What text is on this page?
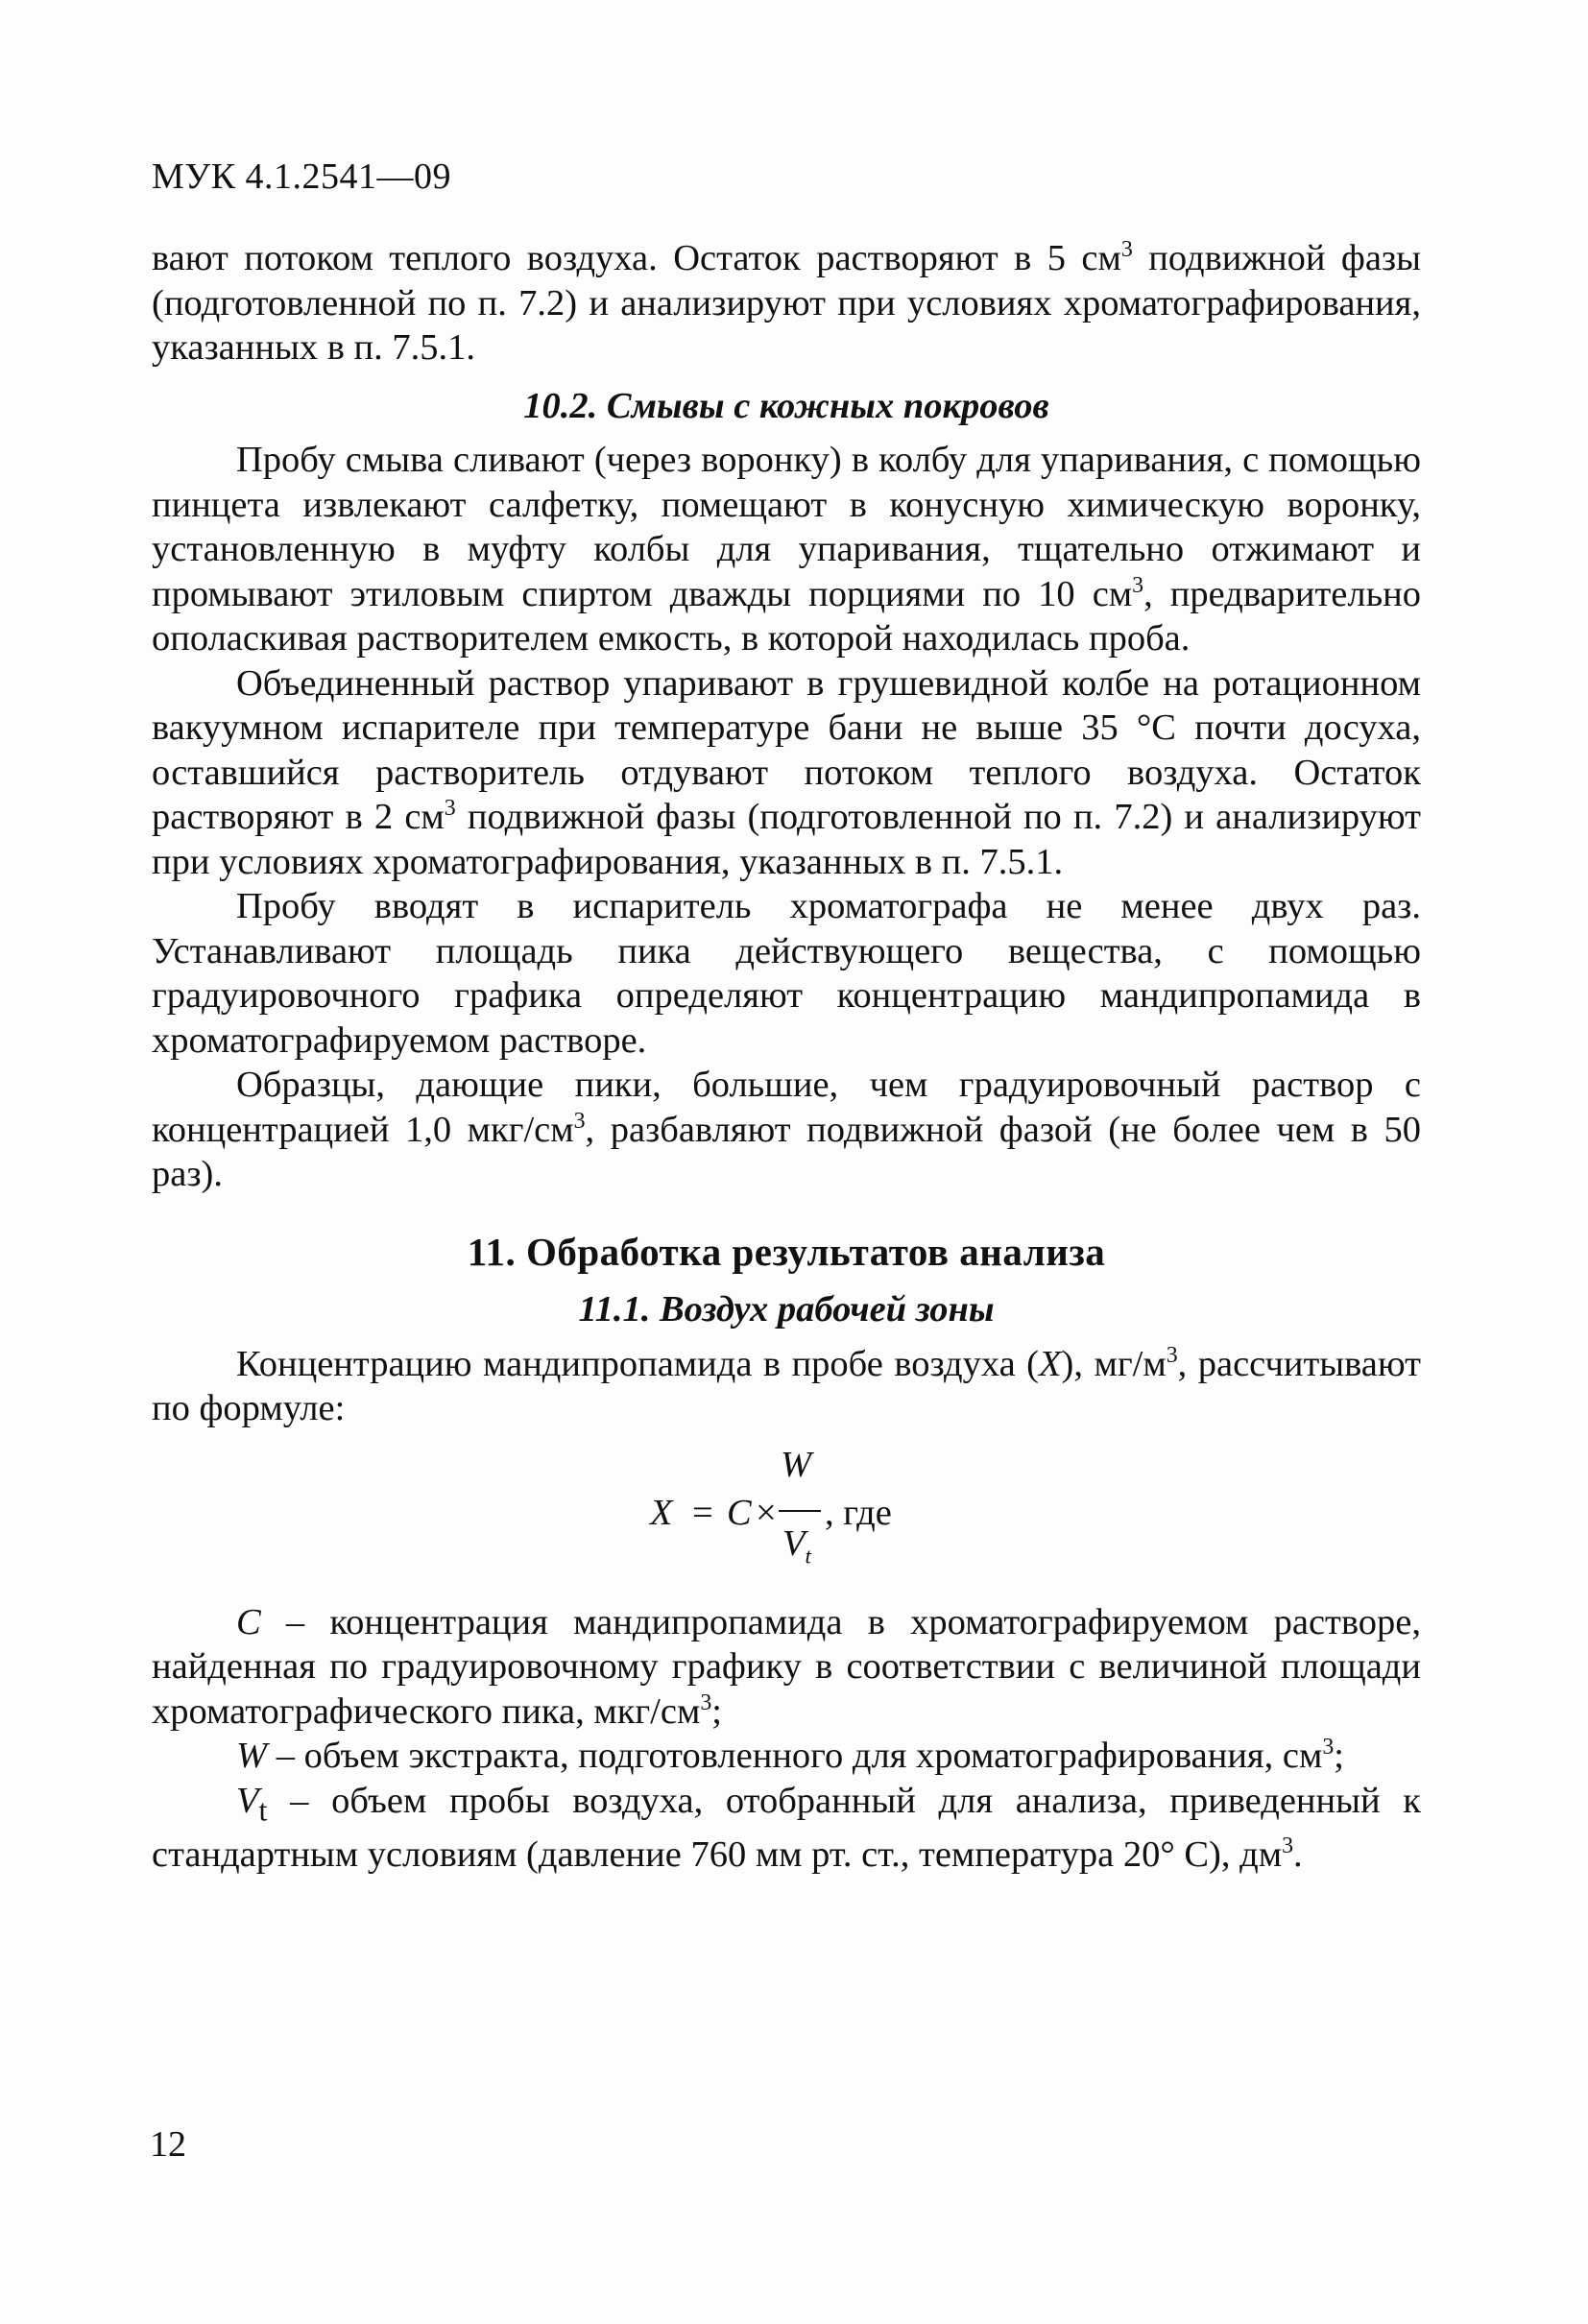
МУК 4.1.2541—09

вают потоком теплого воздуха. Остаток растворяют в 5 $см^3$ подвижной фазы (подготовленной по п. 7.2) и анализируют при условиях хроматографирования, указанных в п. 7.5.1.

10.2. Смывы с кожных покровов

Пробу смыва сливают (через воронку) в колбу для упаривания, с помощью пинцета извлекают салфетку, помещают в конусную химическую воронку, установленную в муфту колбы для упаривания, тщательно отжимают и промывают этиловым спиртом дважды порциями по 10 $см^3$, предварительно ополаскивая растворителем емкость, в которой находилась проба.

Объединенный раствор упаривают в грушевидной колбе на ротационном вакуумном испарителе при температуре бани не выше 35 °С почти досуха, оставшийся растворитель отдувают потоком теплого воздуха. Остаток растворяют в 2 $см^3$ подвижной фазы (подготовленной по п. 7.2) и анализируют при условиях хроматографирования, указанных в п. 7.5.1.

Пробу вводят в испаритель хроматографа не менее двух раз. Устанавливают площадь пика действующего вещества, с помощью градуировочного графика определяют концентрацию мандипропамида в хроматографируемом растворе.

Образцы, дающие пики, большие, чем градуировочный раствор с концентрацией 1,0 мкг/$см^3$, разбавляют подвижной фазой (не более чем в 50 раз).

11. Обработка результатов анализа
11.1. Воздух рабочей зоны

Концентрацию мандипропамида в пробе воздуха (X), $мг/м^3$, рассчитывают по формуле:

X = C ×
W
$V_t$
, где

C – концентрация мандипропамида в хроматографируемом растворе, найденная по градуировочному графику в соответствии с величиной площади хроматографического пика, мкг/$см^3$;

W – объем экстракта, подготовленного для хроматографирования, $см^3$;

$V_t$ – объем пробы воздуха, отобранный для анализа, приведенный к стандартным условиям (давление 760 мм рт. ст., температура 20° С), $дм^3$.

12
